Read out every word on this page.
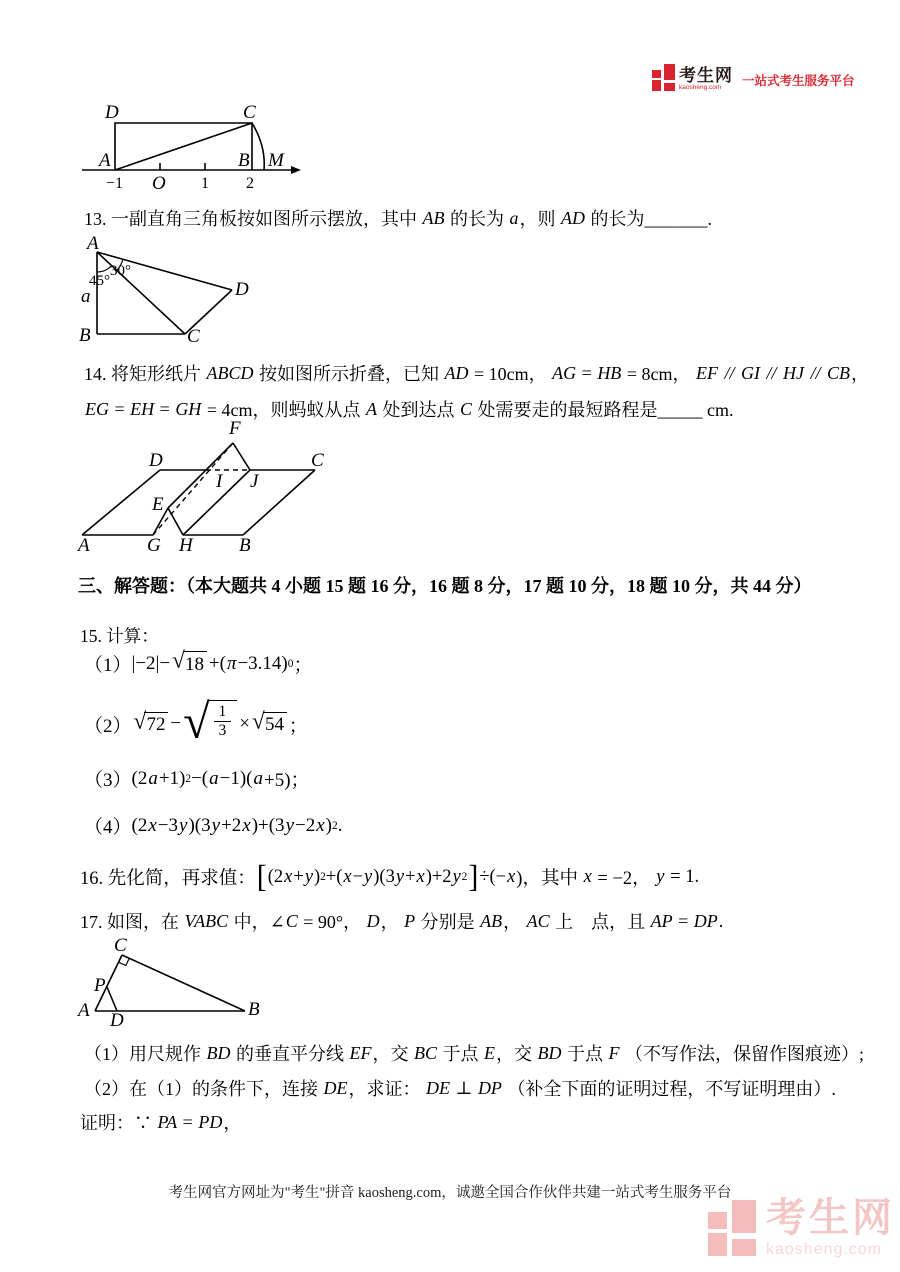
考生网
kaosheng.com	一站式考生服务平台
D	C
A	B M
−1 O 1 2
13. 一副直角三角板按如图所示摆放，其中 AB 的长为 a ，则 AD 的长为_______.
A
B	C
D
a
45°
30°
14. 将矩形纸片 ABCD 按如图所示折叠，已知 AD = 10cm， AG = HB = 8cm， EF // GI // HJ // CB ，
EG = EH = GH = 4cm，则蚂蚁从点 A 处到达点 C 处需要走的最短路程是_____ cm.
F
D	C
I J
E
A	G H B
三、解答题：（本大题共 4 小题 15 题 16 分，16 题 8 分，17 题 10 分，18 题 10 分，共 44 分）
15. 计算：
（1） |−2|− √ 18 +( π −3.14) 0 ；
（2） √ 72 − √ 1
3 × √ 54 ；
（3） (2 a +1) 2 −( a −1)( a +5)；
（4） (2 x −3 y )(3 y +2 x )+(3 y −2 x ) 2 .
16. 先化简，再求值： [ (2 x + y ) 2 +( x − y )(3 y + x )+2 y 2 ] ÷(− x )，其中 x = −2， y = 1.
17. 如图，在 VABC 中，∠ C = 90°， D ， P 分别是 AB ， AC 上　点，且 AP = DP .
C
P
A D
B
（1）用尺规作 BD 的垂直平分线 EF ，交 BC 于点 E ，交 BD 于点 F （不写作法，保留作图痕迹）;
（2）在（1）的条件下，连接 DE ，求证： DE ⊥ DP （补全下面的证明过程，不写证明理由）.
证明：∵ PA = PD ，
考生网官方网址为"考生"拼音 kaosheng.com，诚邀全国合作伙伴共建一站式考生服务平台
考生网
kaosheng.com
